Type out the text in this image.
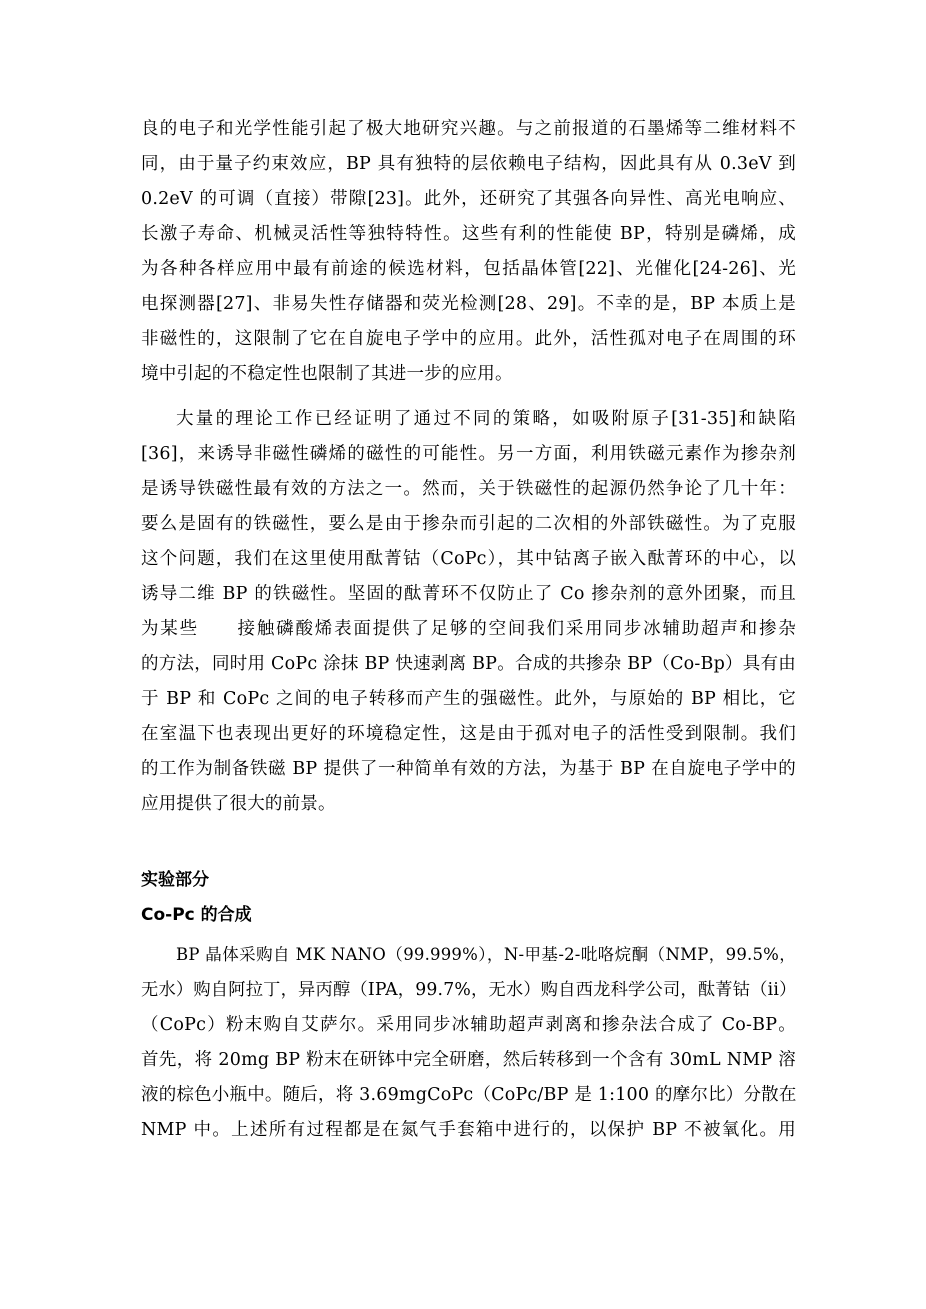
良的电子和光学性能引起了极大地研究兴趣。与之前报道的石墨烯等二维材料不
同，由于量子约束效应，BP 具有独特的层依赖电子结构，因此具有从 0.3eV 到
0.2eV 的可调（直接）带隙[23]。此外，还研究了其强各向异性、高光电响应、
长激子寿命、机械灵活性等独特特性。这些有利的性能使 BP，特别是磷烯，成
为各种各样应用中最有前途的候选材料，包括晶体管[22]、光催化[24-26]、光
电探测器[27]、非易失性存储器和荧光检测[28、29]。不幸的是，BP 本质上是
非磁性的，这限制了它在自旋电子学中的应用。此外，活性孤对电子在周围的环
境中引起的不稳定性也限制了其进一步的应用。
大量的理论工作已经证明了通过不同的策略，如吸附原子[31-35]和缺陷
[36]，来诱导非磁性磷烯的磁性的可能性。另一方面，利用铁磁元素作为掺杂剂
是诱导铁磁性最有效的方法之一。然而，关于铁磁性的起源仍然争论了几十年：
要么是固有的铁磁性，要么是由于掺杂而引起的二次相的外部铁磁性。为了克服
这个问题，我们在这里使用酞菁钴（CoPc），其中钴离子嵌入酞菁环的中心，以
诱导二维 BP 的铁磁性。坚固的酞菁环不仅防止了 Co 掺杂剂的意外团聚，而且
为某些　　接触磷酸烯表面提供了足够的空间我们采用同步冰辅助超声和掺杂
的方法，同时用 CoPc 涂抹 BP 快速剥离 BP。合成的共掺杂 BP（Co-Bp）具有由
于 BP 和 CoPc 之间的电子转移而产生的强磁性。此外，与原始的 BP 相比，它
在室温下也表现出更好的环境稳定性，这是由于孤对电子的活性受到限制。我们
的工作为制备铁磁 BP 提供了一种简单有效的方法，为基于 BP 在自旋电子学中的
应用提供了很大的前景。
实验部分
Co-Pc 的合成
BP 晶体采购自 MK NANO（99.999%），N-甲基-2-吡咯烷酮（NMP，99.5%，
无水）购自阿拉丁，异丙醇（IPA，99.7%，无水）购自西龙科学公司，酞菁钴（ii）
（CoPc）粉末购自艾萨尔。采用同步冰辅助超声剥离和掺杂法合成了 Co-BP。
首先，将 20mg BP 粉末在研钵中完全研磨，然后转移到一个含有 30mL NMP 溶
液的棕色小瓶中。随后，将 3.69mgCoPc（CoPc/BP 是 1:100 的摩尔比）分散在
NMP 中。上述所有过程都是在氮气手套箱中进行的，以保护 BP 不被氧化。用
